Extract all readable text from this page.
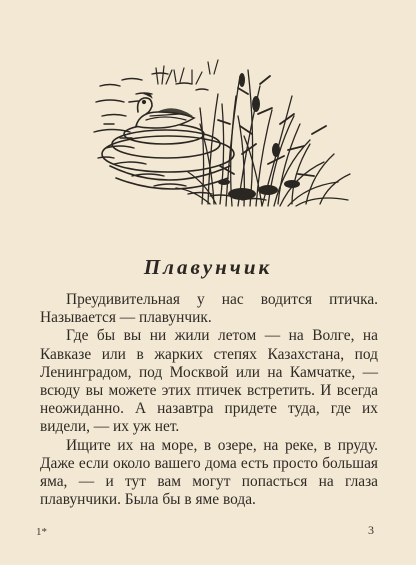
Плавунчик

Преудивительная у нас водится птичка. Называется — плавунчик.

Где бы вы ни жили летом — на Волге, на Кавказе или в жарких степях Казахстана, под Ленинградом, под Москвой или на Камчатке, — всюду вы можете этих птичек встретить. И всегда неожиданно. А назавтра придете туда, где их видели, — их уж нет.

Ищите их на море, в озере, на реке, в пруду. Даже если около вашего дома есть просто большая яма, — и тут вам могут попасться на глаза плавунчики. Была бы в яме вода.

1*	3
